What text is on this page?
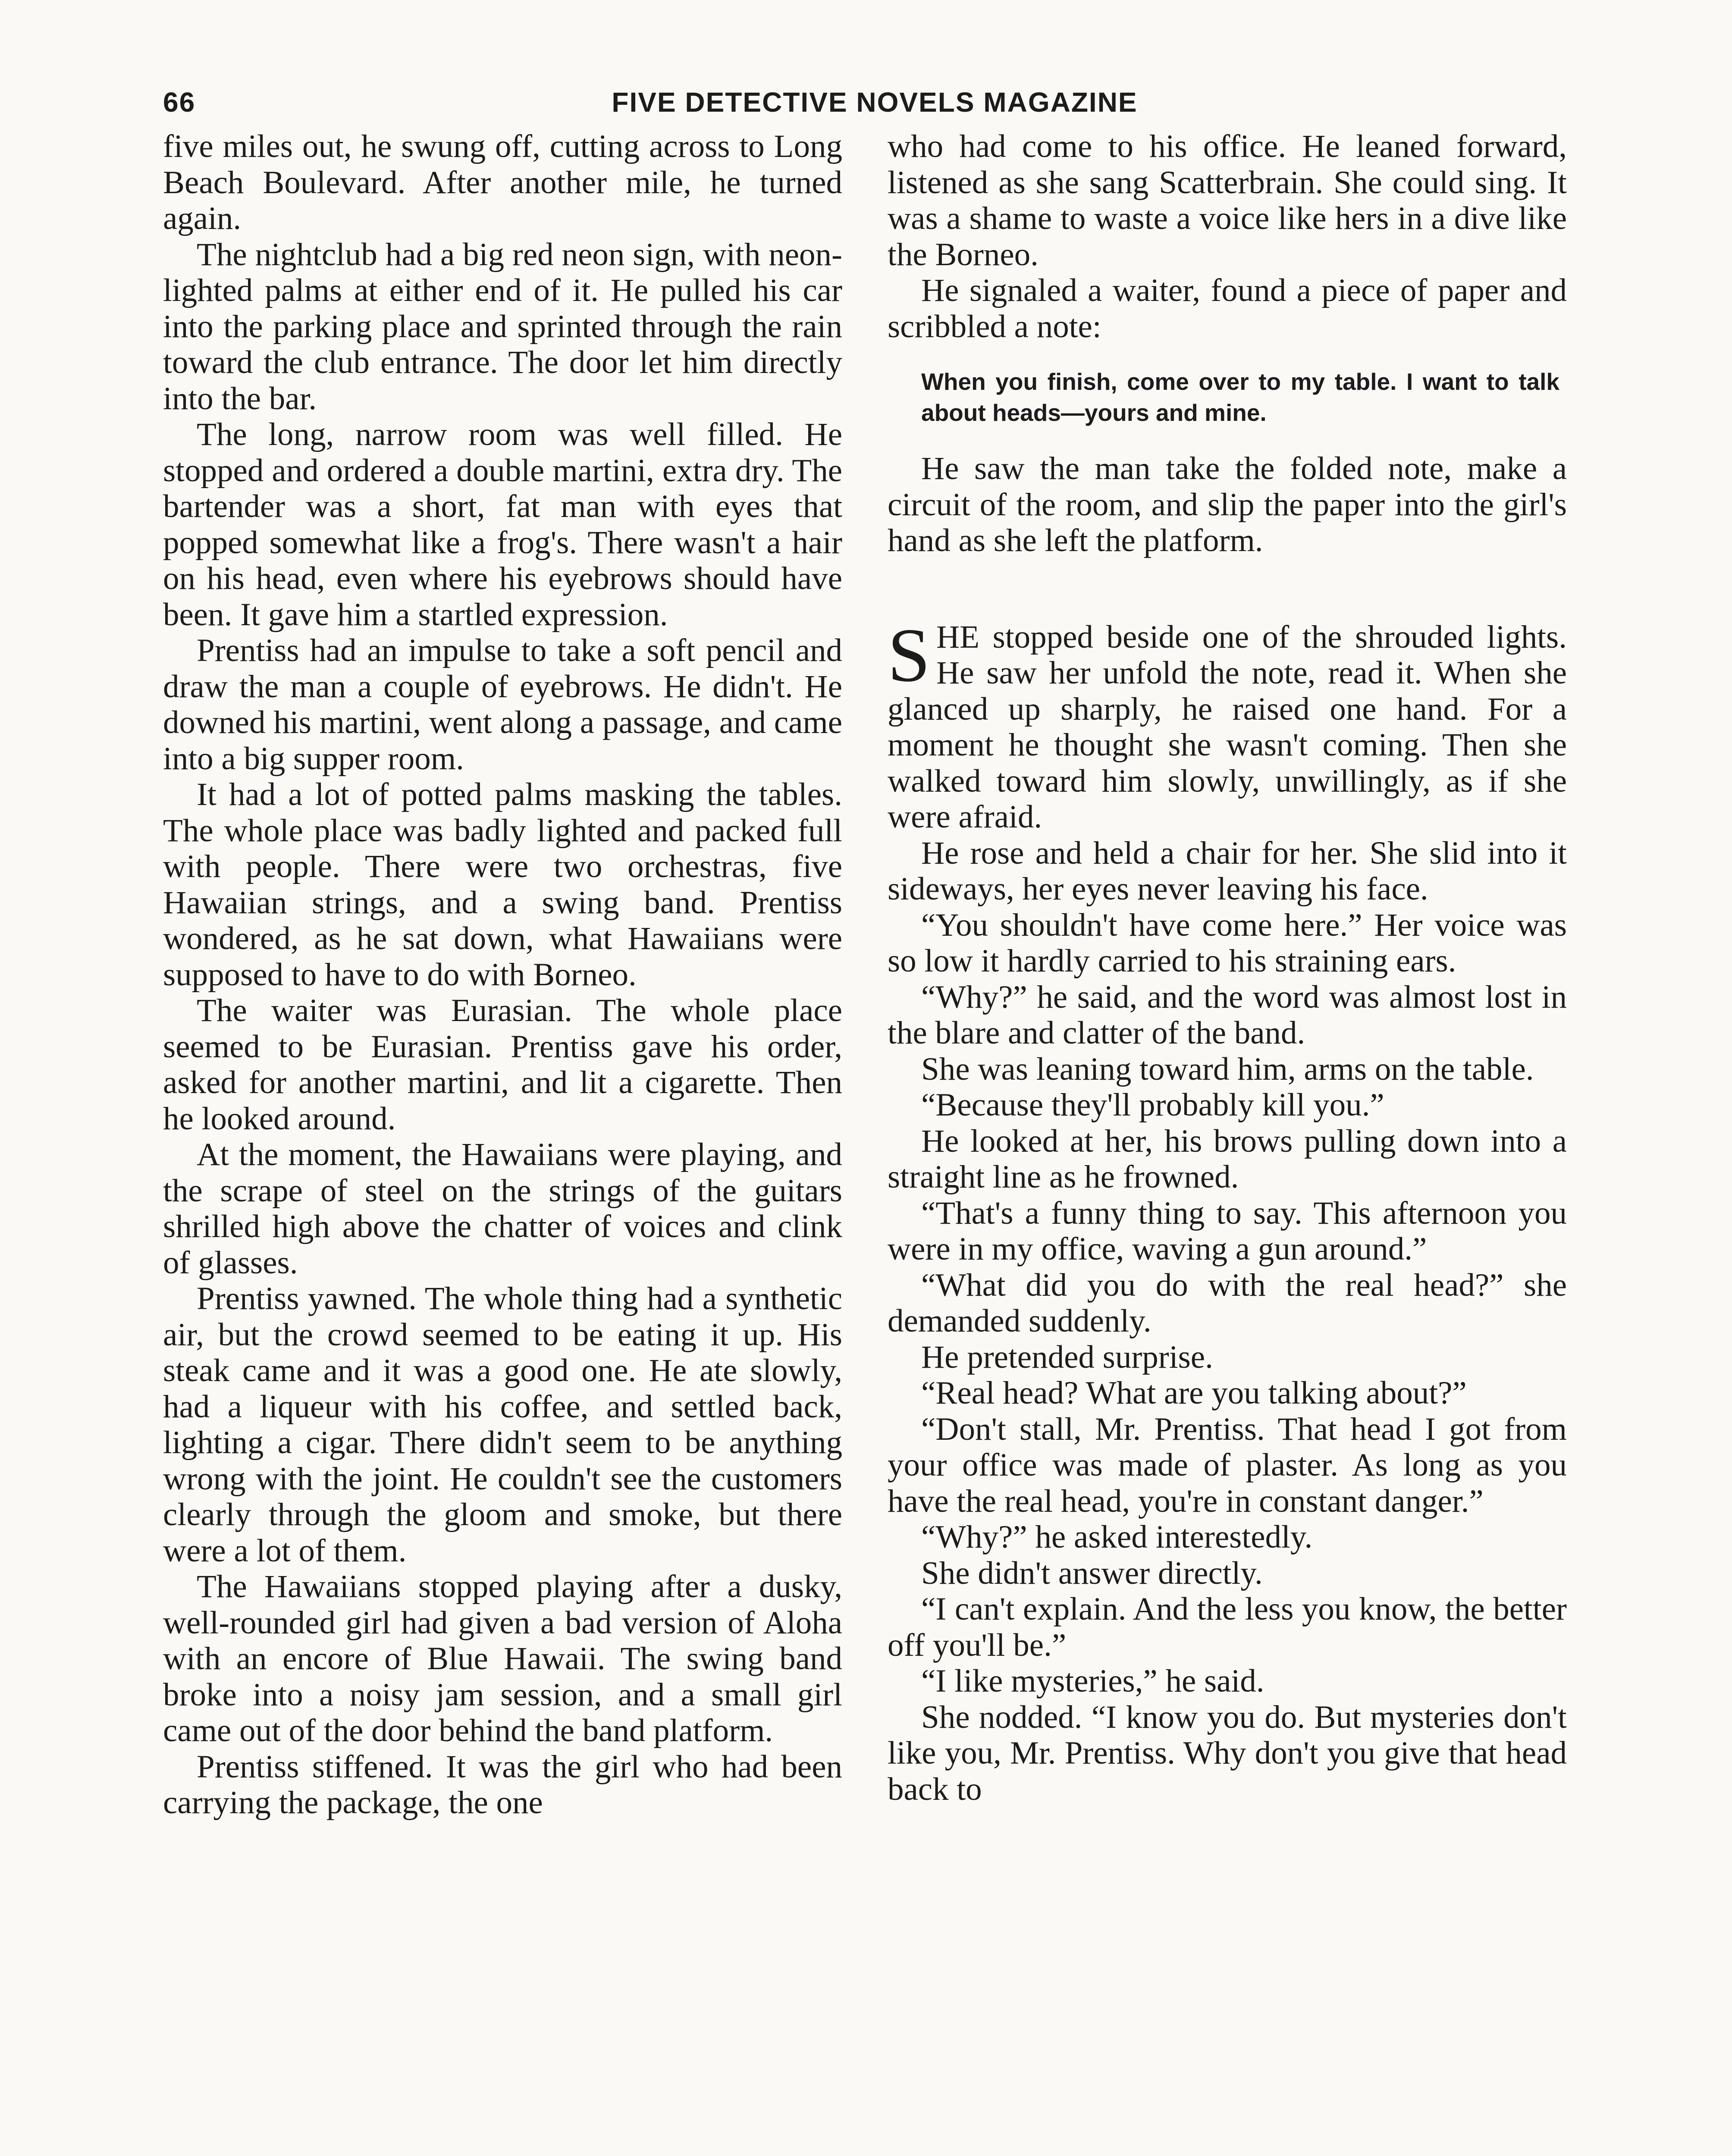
66	FIVE DETECTIVE NOVELS MAGAZINE

five miles out, he swung off, cutting across to Long Beach Boulevard. After another mile, he turned again.

The nightclub had a big red neon sign, with neon-lighted palms at either end of it. He pulled his car into the parking place and sprinted through the rain toward the club entrance. The door let him directly into the bar.

The long, narrow room was well filled. He stopped and ordered a double martini, extra dry. The bartender was a short, fat man with eyes that popped somewhat like a frog's. There wasn't a hair on his head, even where his eyebrows should have been. It gave him a startled expression.

Prentiss had an impulse to take a soft pencil and draw the man a couple of eyebrows. He didn't. He downed his martini, went along a passage, and came into a big supper room.

It had a lot of potted palms masking the tables. The whole place was badly lighted and packed full with people. There were two orchestras, five Hawaiian strings, and a swing band. Prentiss wondered, as he sat down, what Hawaiians were supposed to have to do with Borneo.

The waiter was Eurasian. The whole place seemed to be Eurasian. Prentiss gave his order, asked for another martini, and lit a cigarette. Then he looked around.

At the moment, the Hawaiians were playing, and the scrape of steel on the strings of the guitars shrilled high above the chatter of voices and clink of glasses.

Prentiss yawned. The whole thing had a synthetic air, but the crowd seemed to be eating it up. His steak came and it was a good one. He ate slowly, had a liqueur with his coffee, and settled back, lighting a cigar. There didn't seem to be anything wrong with the joint. He couldn't see the customers clearly through the gloom and smoke, but there were a lot of them.

The Hawaiians stopped playing after a dusky, well-rounded girl had given a bad version of Aloha with an encore of Blue Hawaii. The swing band broke into a noisy jam session, and a small girl came out of the door behind the band platform.

Prentiss stiffened. It was the girl who had been carrying the package, the one

who had come to his office. He leaned forward, listened as she sang Scatterbrain. She could sing. It was a shame to waste a voice like hers in a dive like the Borneo.

He signaled a waiter, found a piece of paper and scribbled a note:

When you finish, come over to my table. I want to talk about heads—yours and mine.

He saw the man take the folded note, make a circuit of the room, and slip the paper into the girl's hand as she left the platform.

SHE stopped beside one of the shrouded lights. He saw her unfold the note, read it. When she glanced up sharply, he raised one hand. For a moment he thought she wasn't coming. Then she walked toward him slowly, unwillingly, as if she were afraid.

He rose and held a chair for her. She slid into it sideways, her eyes never leaving his face.

“You shouldn't have come here.” Her voice was so low it hardly carried to his straining ears.

“Why?” he said, and the word was almost lost in the blare and clatter of the band.

She was leaning toward him, arms on the table.

“Because they'll probably kill you.”

He looked at her, his brows pulling down into a straight line as he frowned.

“That's a funny thing to say. This afternoon you were in my office, waving a gun around.”

“What did you do with the real head?” she demanded suddenly.

He pretended surprise.

“Real head? What are you talking about?”

“Don't stall, Mr. Prentiss. That head I got from your office was made of plaster. As long as you have the real head, you're in constant danger.”

“Why?” he asked interestedly.

She didn't answer directly.

“I can't explain. And the less you know, the better off you'll be.”

“I like mysteries,” he said.

She nodded. “I know you do. But mysteries don't like you, Mr. Prentiss. Why don't you give that head back to
